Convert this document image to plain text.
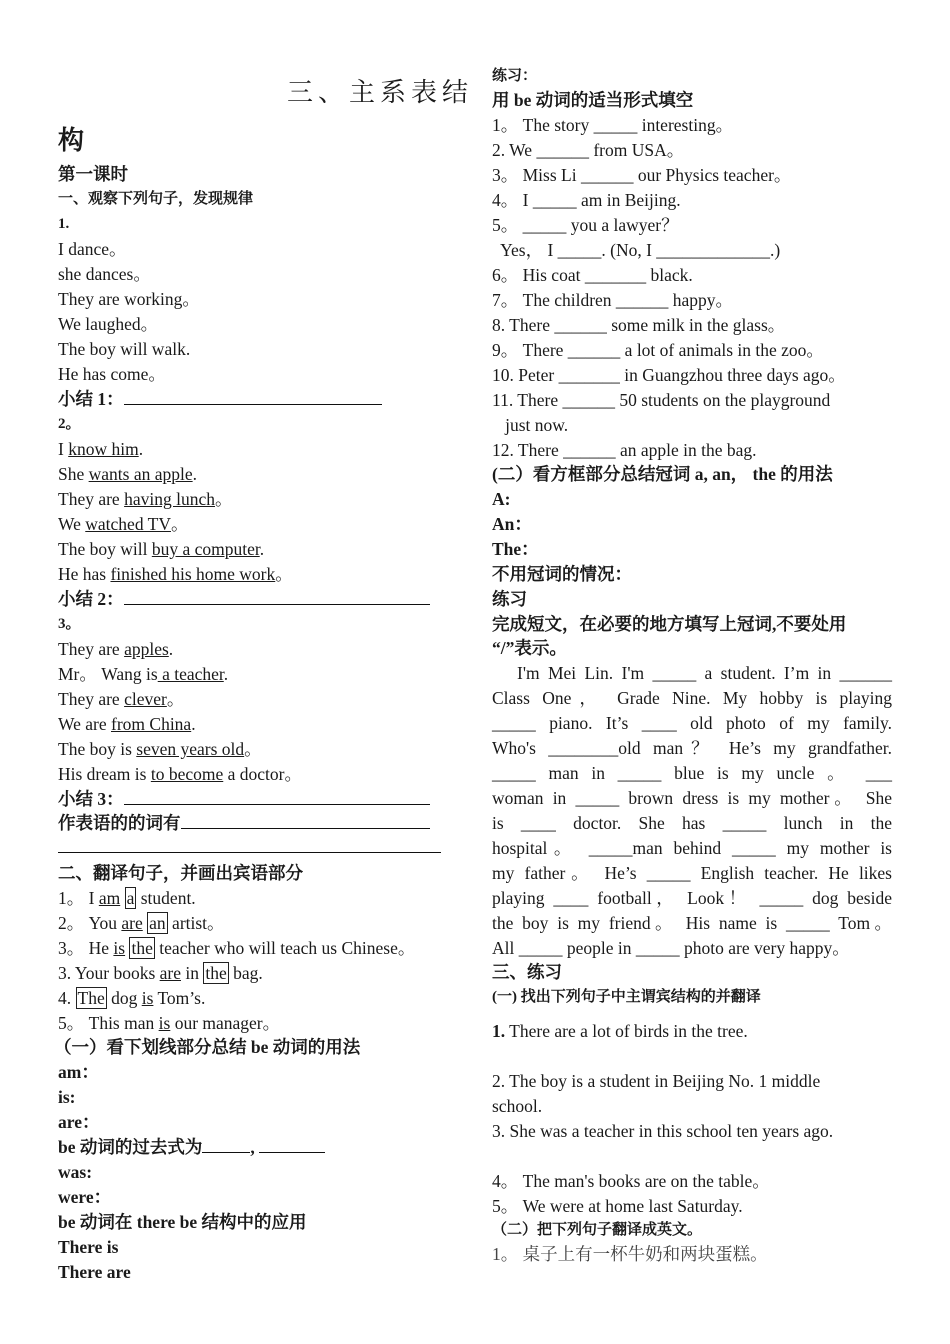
三、主系表结
构
第一课时
一、观察下列句子，发现规律
1.
I dance。
she dances。
They are working。
We laughed。
The boy will walk.
He has come。
小结 1：
2。
I know him.
She wants an apple.
They are having lunch。
We watched TV。
The boy will buy a computer.
He has finished his home work。
小结 2：
3。
They are apples.
Mr。 Wang is a teacher.
They are clever。
We are from China.
The boy is seven years old。
His dream is to become a doctor。
小结 3：
作表语的的词有
二、翻译句子，并画出宾语部分
1。 I am a student.
2。 You are an artist。
3。 He is the teacher who will teach us Chinese。
3. Your books are in the bag.
4. The dog is Tom’s.
5。 This man is our manager。
（一）看下划线部分总结 be 动词的用法
am：
is:
are：
be 动词的过去式为	,
was:
were：
be 动词在 there be 结构中的应用
There is
There are
练习：
用 be 动词的适当形式填空
1。 The story _____ interesting。
2. We ______ from USA。
3。 Miss Li ______ our Physics teacher。
4。 I _____ am in Beijing.
5。 _____ you a lawyer？
Yes， I _____. (No, I _____________.)
6。 His coat _______ black.
7。 The children ______ happy。
8. There ______ some milk in the glass。
9。 There ______ a lot of animals in the zoo。
10. Peter _______ in Guangzhou three days ago。
11. There ______ 50 students on the playground
just now.
12. There ______ an apple in the bag.
(二）看方框部分总结冠词 a, an， the 的用法
A:
An：
The：
不用冠词的情况：
练习
完成短文，在必要的地方填写上冠词,不要处用
“/”表示。
I'm Mei Lin. I'm _____ a student. I’m in ______
Class One， Grade Nine. My hobby is playing
_____ piano. It’s ____ old photo of my family.
Who's ________old man？ He’s my grandfather.
_____ man in _____ blue is my uncle 。 ___
woman in _____ brown dress is my mother。 She
is ____ doctor. She has _____ lunch in the
hospital。 _____man behind _____ my mother is
my father。 He’s _____ English teacher. He likes
playing ____ football， Look！ _____ dog beside
the boy is my friend。 His name is _____ Tom。
All _____ people in _____ photo are very happy。
三、练习
(一) 找出下列句子中主谓宾结构的并翻译
1. There are a lot of birds in the tree.
2. The boy is a student in Beijing No. 1 middle
school.
3. She was a teacher in this school ten years ago.
4。 The man's books are on the table。
5。 We were at home last Saturday.
（二）把下列句子翻译成英文。
1。 桌子上有一杯牛奶和两块蛋糕。
